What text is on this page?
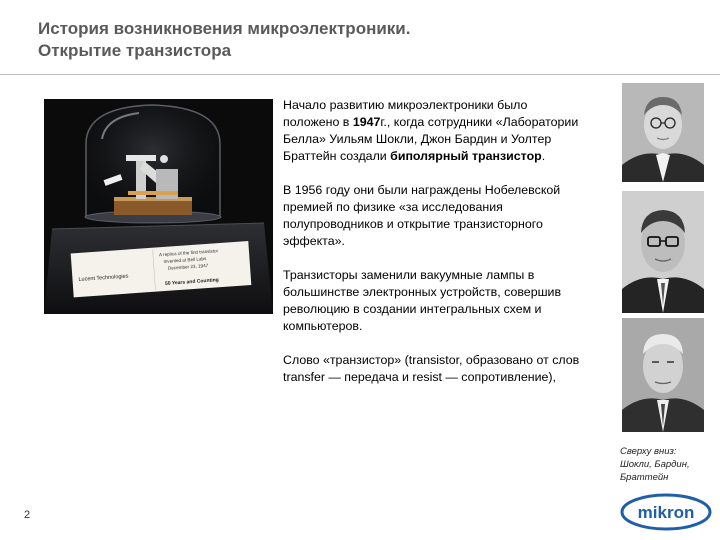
История возникновения микроэлектроники.
Открытие транзистора
Lucent Technologies
A replica of the first transistor
Invented at Bell Labs
December 23, 1947
50 Years and Counting

Начало развитию микроэлектроники было положено в 1947г., когда сотрудники «Лаборатории Белла» Уильям Шокли, Джон Бардин и Уолтер Браттейн создали биполярный транзистор.

В 1956 году они были награждены Нобелевской премией по физике «за исследования полупроводников и открытие транзисторного эффекта».

Транзисторы заменили вакуумные лампы в большинстве электронных устройств, совершив революцию в создании интегральных схем и компьютеров.

Слово «транзистор» (transistor, образовано от слов transfer — передача и resist — сопротивление),

Сверху вниз:
Шокли, Бардин,
Браттейн
2	mikron
